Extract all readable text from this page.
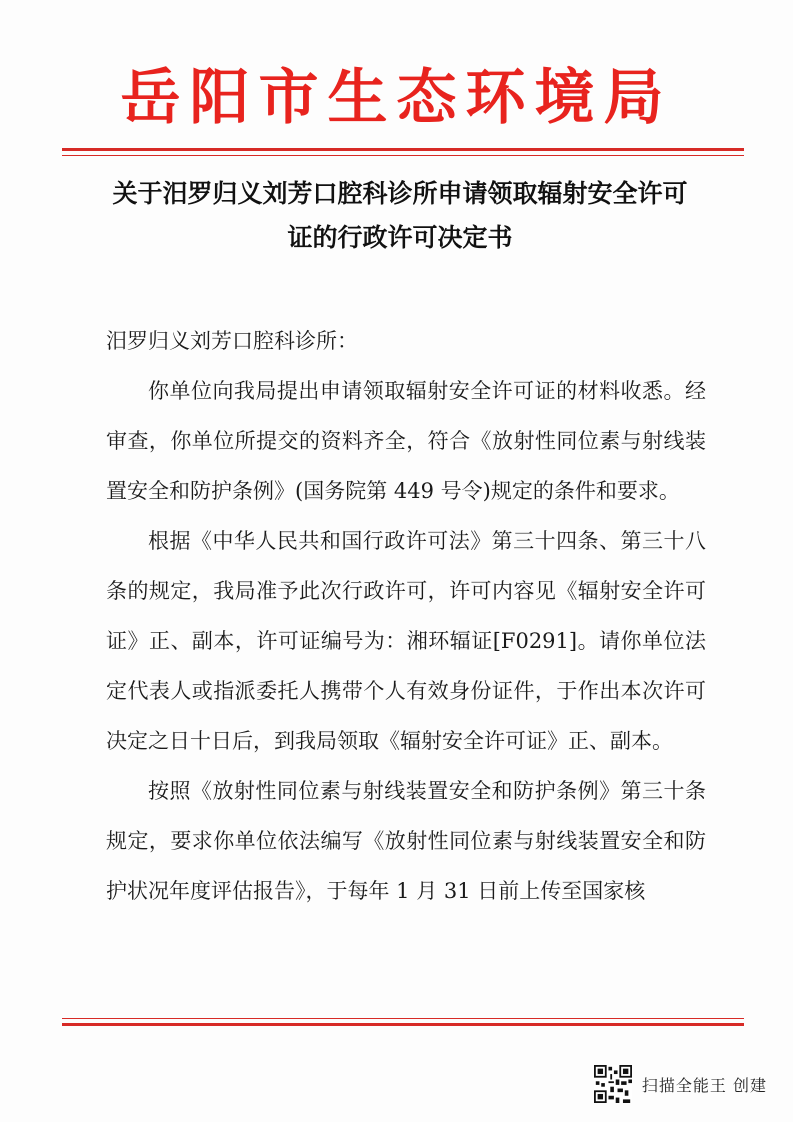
岳阳市生态环境局
关于汨罗归义刘芳口腔科诊所申请领取辐射安全许可
证的行政许可决定书

汨罗归义刘芳口腔科诊所：

你单位向我局提出申请领取辐射安全许可证的材料收悉。经审查，你单位所提交的资料齐全，符合《放射性同位素与射线装置安全和防护条例》(国务院第 449 号令)规定的条件和要求。

根据《中华人民共和国行政许可法》第三十四条、第三十八条的规定，我局准予此次行政许可，许可内容见《辐射安全许可证》正、副本，许可证编号为：湘环辐证[F0291]。请你单位法定代表人或指派委托人携带个人有效身份证件，于作出本次许可决定之日十日后，到我局领取《辐射安全许可证》正、副本。

按照《放射性同位素与射线装置安全和防护条例》第三十条规定，要求你单位依法编写《放射性同位素与射线装置安全和防护状况年度评估报告》，于每年 1 月 31 日前上传至国家核

扫描全能王 创建
